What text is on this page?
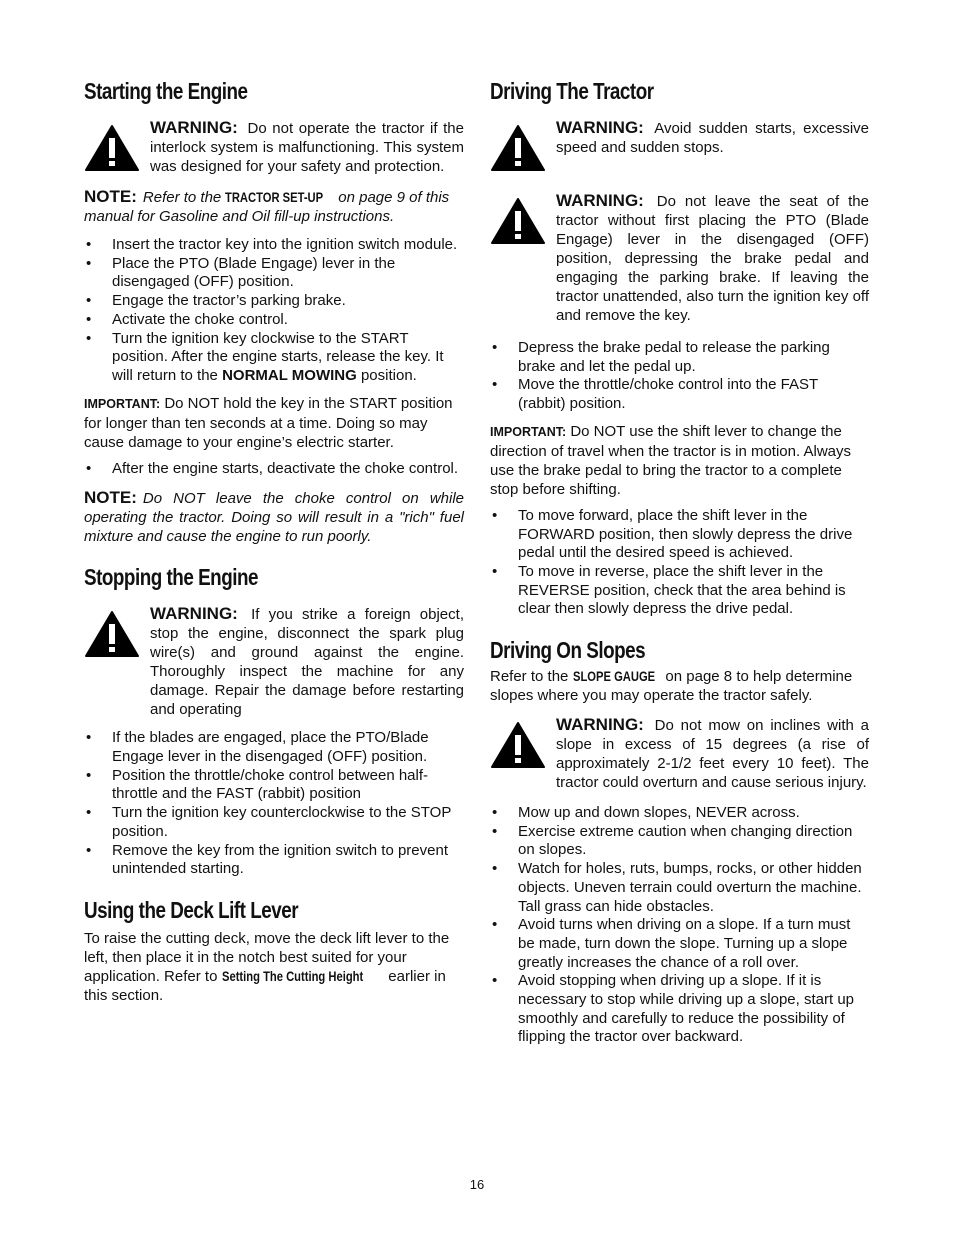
Starting the Engine
WARNING: Do not operate the tractor if the interlock system is malfunctioning. This system was designed for your safety and protection.
NOTE: Refer to the TRACTOR SET-UP on page 9 of this manual for Gasoline and Oil fill-up instructions.
• Insert the tractor key into the ignition switch module.
• Place the PTO (Blade Engage) lever in the disengaged (OFF) position.
• Engage the tractor’s parking brake.
• Activate the choke control.
• Turn the ignition key clockwise to the START position. After the engine starts, release the key. It will return to the NORMAL MOWING position.
IMPORTANT: Do NOT hold the key in the START position for longer than ten seconds at a time. Doing so may cause damage to your engine’s electric starter.
• After the engine starts, deactivate the choke control.
NOTE: Do NOT leave the choke control on while operating the tractor. Doing so will result in a "rich" fuel mixture and cause the engine to run poorly.
Stopping the Engine
WARNING: If you strike a foreign object, stop the engine, disconnect the spark plug wire(s) and ground against the engine. Thoroughly inspect the machine for any damage. Repair the damage before restarting and operating
• If the blades are engaged, place the PTO/Blade Engage lever in the disengaged (OFF) position.
• Position the throttle/choke control between half-throttle and the FAST (rabbit) position
• Turn the ignition key counterclockwise to the STOP position.
• Remove the key from the ignition switch to prevent unintended starting.
Using the Deck Lift Lever
To raise the cutting deck, move the deck lift lever to the left, then place it in the notch best suited for your application. Refer to Setting The Cutting Height earlier in this section.
Driving The Tractor
WARNING: Avoid sudden starts, excessive speed and sudden stops.
WARNING: Do not leave the seat of the tractor without first placing the PTO (Blade Engage) lever in the disengaged (OFF) position, depressing the brake pedal and engaging the parking brake. If leaving the tractor unattended, also turn the ignition key off and remove the key.
• Depress the brake pedal to release the parking brake and let the pedal up.
• Move the throttle/choke control into the FAST (rabbit) position.
IMPORTANT: Do NOT use the shift lever to change the direction of travel when the tractor is in motion. Always use the brake pedal to bring the tractor to a complete stop before shifting.
• To move forward, place the shift lever in the FORWARD position, then slowly depress the drive pedal until the desired speed is achieved.
• To move in reverse, place the shift lever in the REVERSE position, check that the area behind is clear then slowly depress the drive pedal.
Driving On Slopes
Refer to the SLOPE GAUGE on page 8 to help determine slopes where you may operate the tractor safely.
WARNING: Do not mow on inclines with a slope in excess of 15 degrees (a rise of approximately 2-1/2 feet every 10 feet). The tractor could overturn and cause serious injury.
• Mow up and down slopes, NEVER across.
• Exercise extreme caution when changing direction on slopes.
• Watch for holes, ruts, bumps, rocks, or other hidden objects. Uneven terrain could overturn the machine. Tall grass can hide obstacles.
• Avoid turns when driving on a slope. If a turn must be made, turn down the slope. Turning up a slope greatly increases the chance of a roll over.
• Avoid stopping when driving up a slope. If it is necessary to stop while driving up a slope, start up smoothly and carefully to reduce the possibility of flipping the tractor over backward.
16
